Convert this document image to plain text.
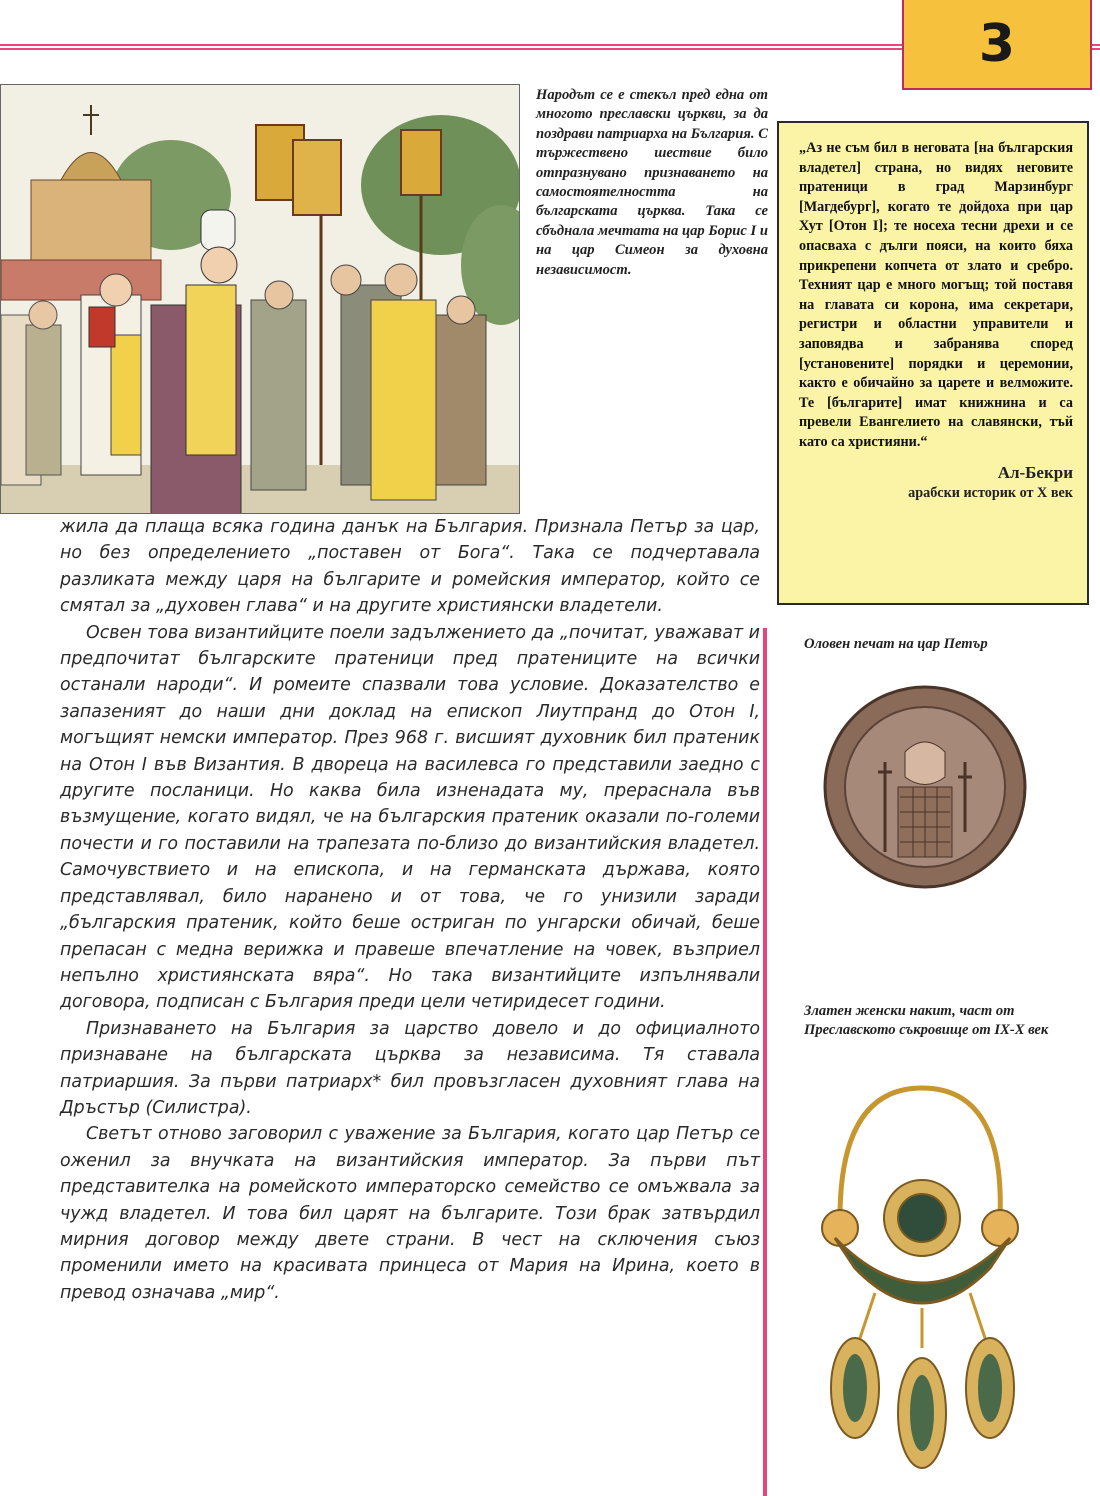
3

Народът се е стекъл пред една от многото преславски църкви, за да поздрави патриарха на България. С тържествено шествие било отпразнувано признаването на самостоятелността на българската църква. Така се сбъднала мечтата на цар Борис I и на цар Симеон за духовна независимост.

„Аз не съм бил в неговата [на българския владетел] страна, но видях неговите пратеници в град Марзинбург [Магдебург], когато те дойдоха при цар Хут [Отон I]; те носеха тесни дрехи и се опасваха с дълги пояси, на които бяха прикрепени копчета от злато и сребро. Техният цар е много могъщ; той поставя на главата си корона, има секретари, регистри и областни управители и заповядва и забранява според [установените] порядки и церемонии, както е обичайно за царете и велможите. Те [българите] имат книжнина и са превели Евангелието на славянски, тъй като са християни.“

Ал-Бекри

арабски историк от X век

жила да плаща всяка година данък на България. Признала Петър за цар, но без определението „поставен от Бога“. Така се подчертавала разликата между царя на българите и ромейския император, който се смятал за „духовен глава“ и на другите християнски владетели.

Освен това византийците поели задължението да „почитат, уважават и предпочитат българските пратеници пред пратениците на всички останали народи“. И ромеите спазвали това условие. Доказателство е запазеният до наши дни доклад на епископ Лиутпранд до Отон I, могъщият немски император. През 968 г. висшият духовник бил пратеник на Отон I във Византия. В двореца на василевса го представили заедно с другите посланици. Но каква била изненадата му, прераснала във възмущение, когато видял, че на българския пратеник оказали по-големи почести и го поставили на трапезата по-близо до византийския владетел. Самочувствието и на епископа, и на германската държава, която представлявал, било наранено и от това, че го унизили заради „българския пратеник, който беше остриган по унгарски обичай, беше препасан с медна верижка и правеше впечатление на човек, възприел непълно християнската вяра“. Но така византийците изпълнявали договора, подписан с България преди цели четиридесет години.

Признаването на България за царство довело и до официалното признаване на българската църква за независима. Тя ставала патриаршия. За първи патриарх* бил провъзгласен духовният глава на Дръстър (Силистра).

Светът отново заговорил с уважение за България, когато цар Петър се оженил за внучката на византийския император. За първи път представителка на ромейското императорско семейство се омъжвала за чужд владетел. И това бил царят на българите. Този брак затвърдил мирния договор между двете страни. В чест на сключения съюз променили името на красивата принцеса от Мария на Ирина, което в превод означава „мир“.

Оловен печат на цар Петър

Златен женски накит, част от Преславското съкровище от IX-X век
